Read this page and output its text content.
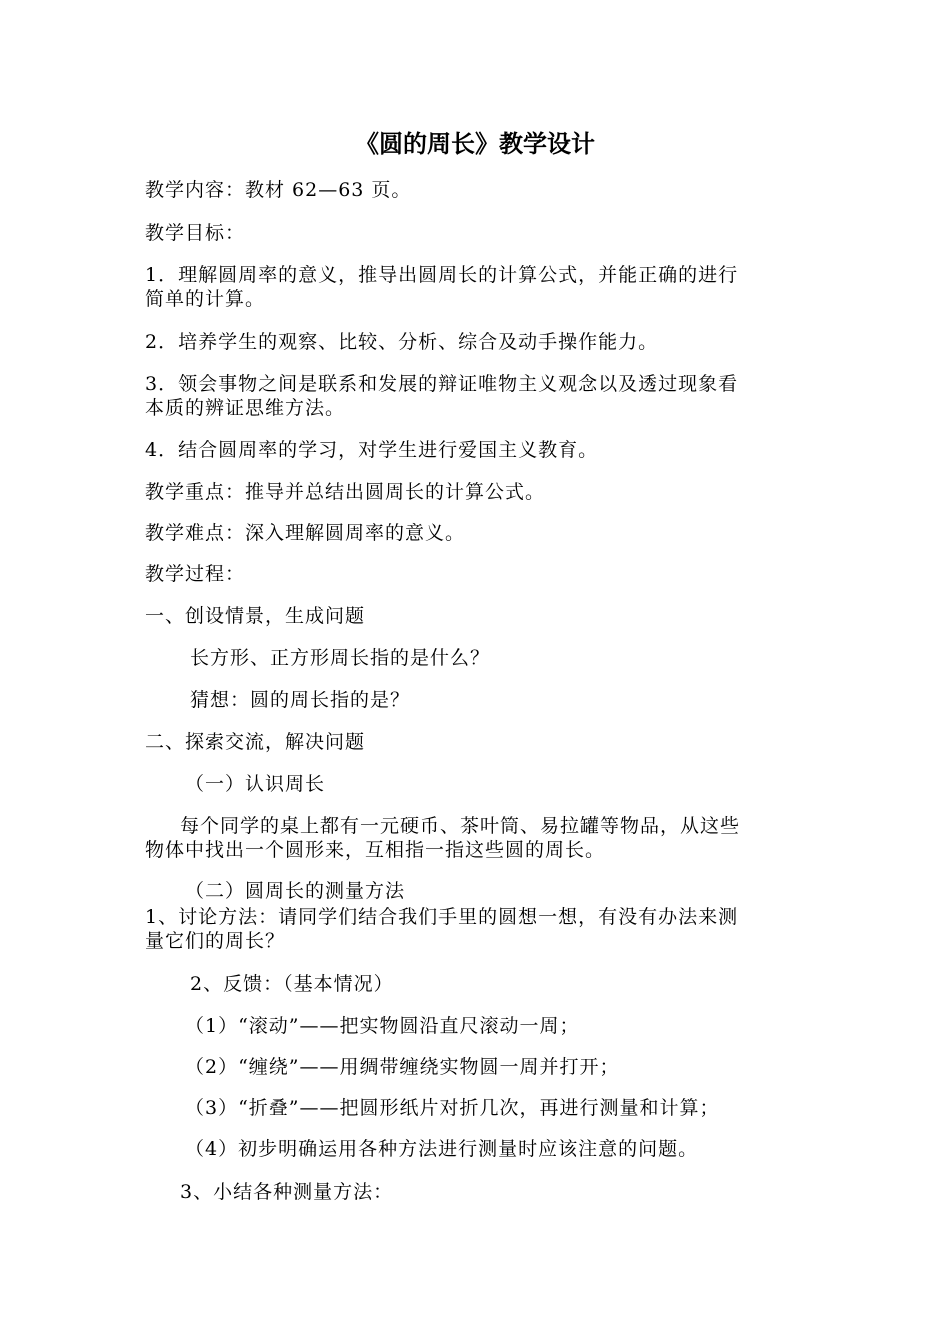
《圆的周长》教学设计
教学内容：教材 62—63 页。
教学目标：
1．理解圆周率的意义，推导出圆周长的计算公式，并能正确的进行
简单的计算。
2．培养学生的观察、比较、分析、综合及动手操作能力。
3．领会事物之间是联系和发展的辩证唯物主义观念以及透过现象看
本质的辨证思维方法。
4．结合圆周率的学习，对学生进行爱国主义教育。
教学重点：推导并总结出圆周长的计算公式。
教学难点：深入理解圆周率的意义。
教学过程：
一、创设情景，生成问题
长方形、正方形周长指的是什么？
猜想：圆的周长指的是？
二、探索交流，解决问题
（一）认识周长
每个同学的桌上都有一元硬币、茶叶筒、易拉罐等物品，从这些
物体中找出一个圆形来，互相指一指这些圆的周长。
（二）圆周长的测量方法
1、讨论方法：请同学们结合我们手里的圆想一想，有没有办法来测
量它们的周长？
2、反馈：（基本情况）
（1）“滚动”——把实物圆沿直尺滚动一周；
（2）“缠绕”——用绸带缠绕实物圆一周并打开；
（3）“折叠”——把圆形纸片对折几次，再进行测量和计算；
（4）初步明确运用各种方法进行测量时应该注意的问题。
3、小结各种测量方法：
